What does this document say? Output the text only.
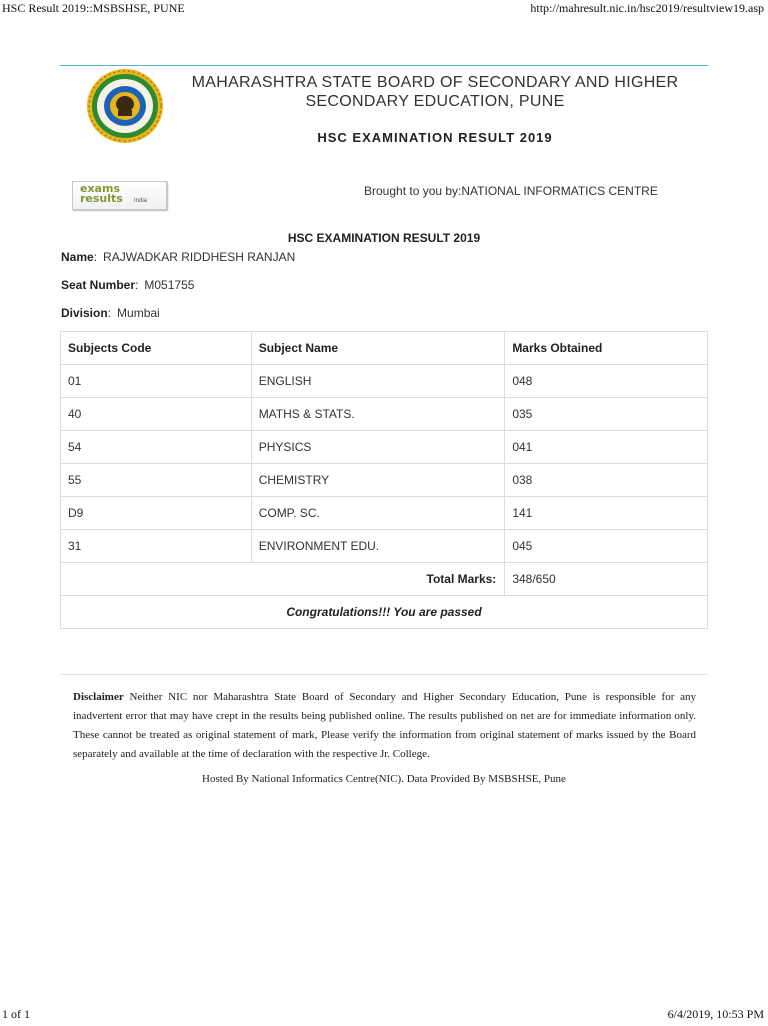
HSC Result 2019::MSBSHSE, PUNE	http://mahresult.nic.in/hsc2019/resultview19.asp
MAHARASHTRA STATE BOARD OF SECONDARY AND HIGHER
SECONDARY EDUCATION, PUNE
HSC EXAMINATION RESULT 2019
exams
results India
Brought to you by:NATIONAL INFORMATICS CENTRE
HSC EXAMINATION RESULT 2019
Name: RAJWADKAR RIDDHESH RANJAN
Seat Number: M051755
Division: Mumbai
Subjects Code	Subject Name	Marks Obtained
01	ENGLISH	048
40	MATHS & STATS.	035
54	PHYSICS	041
55	CHEMISTRY	038
D9	COMP. SC.	141
31	ENVIRONMENT EDU.	045
Total Marks:		348/650
Congratulations!!! You are passed		
Disclaimer Neither NIC nor Maharashtra State Board of Secondary and Higher Secondary Education, Pune is responsible for any inadvertent error that may have crept in the results being published online. The results published on net are for immediate information only. These cannot be treated as original statement of mark, Please verify the information from original statement of marks issued by the Board separately and available at the time of declaration with the respective Jr. College.
Hosted By National Informatics Centre(NIC). Data Provided By MSBSHSE, Pune
1 of 1	6/4/2019, 10:53 PM
